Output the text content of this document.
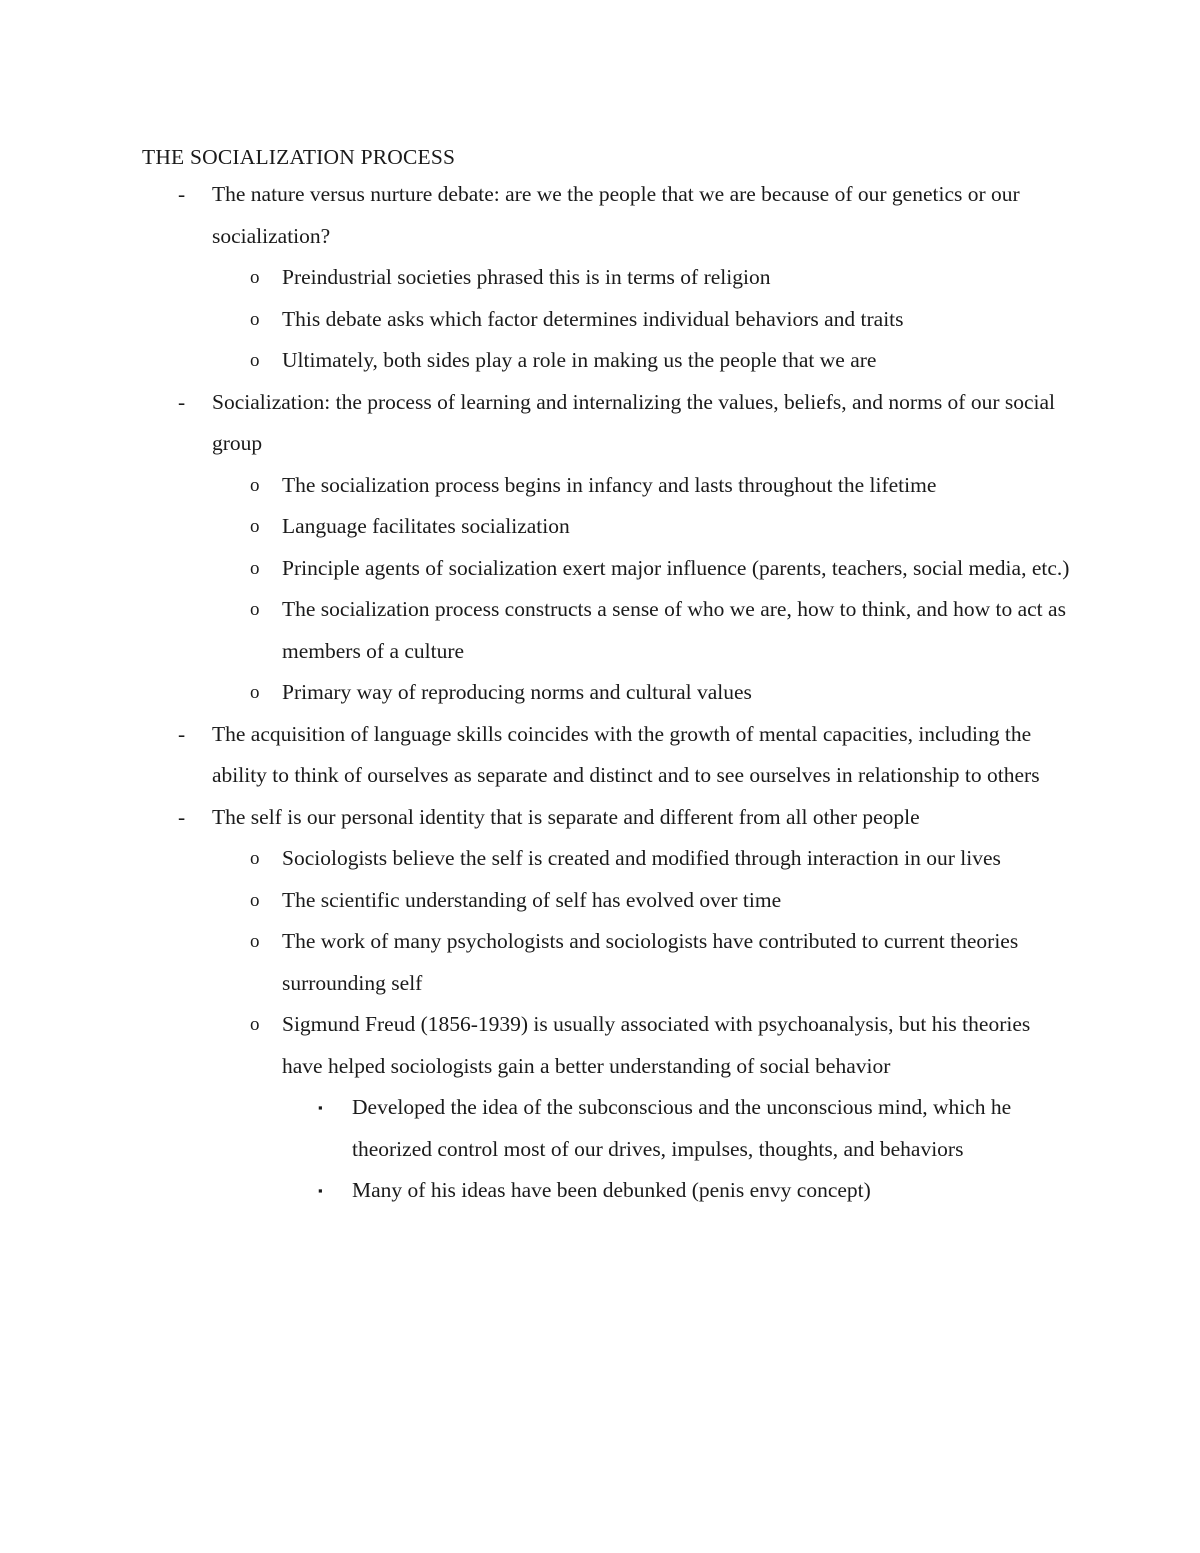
THE SOCIALIZATION PROCESS
- The nature versus nurture debate: are we the people that we are because of our genetics or our socialization?
o Preindustrial societies phrased this is in terms of religion
o This debate asks which factor determines individual behaviors and traits
o Ultimately, both sides play a role in making us the people that we are
- Socialization: the process of learning and internalizing the values, beliefs, and norms of our social group
o The socialization process begins in infancy and lasts throughout the lifetime
o Language facilitates socialization
o Principle agents of socialization exert major influence (parents, teachers, social media, etc.)
o The socialization process constructs a sense of who we are, how to think, and how to act as members of a culture
o Primary way of reproducing norms and cultural values
- The acquisition of language skills coincides with the growth of mental capacities, including the ability to think of ourselves as separate and distinct and to see ourselves in relationship to others
- The self is our personal identity that is separate and different from all other people
o Sociologists believe the self is created and modified through interaction in our lives
o The scientific understanding of self has evolved over time
o The work of many psychologists and sociologists have contributed to current theories surrounding self
o Sigmund Freud (1856-1939) is usually associated with psychoanalysis, but his theories have helped sociologists gain a better understanding of social behavior
▪ Developed the idea of the subconscious and the unconscious mind, which he theorized control most of our drives, impulses, thoughts, and behaviors
▪ Many of his ideas have been debunked (penis envy concept)
